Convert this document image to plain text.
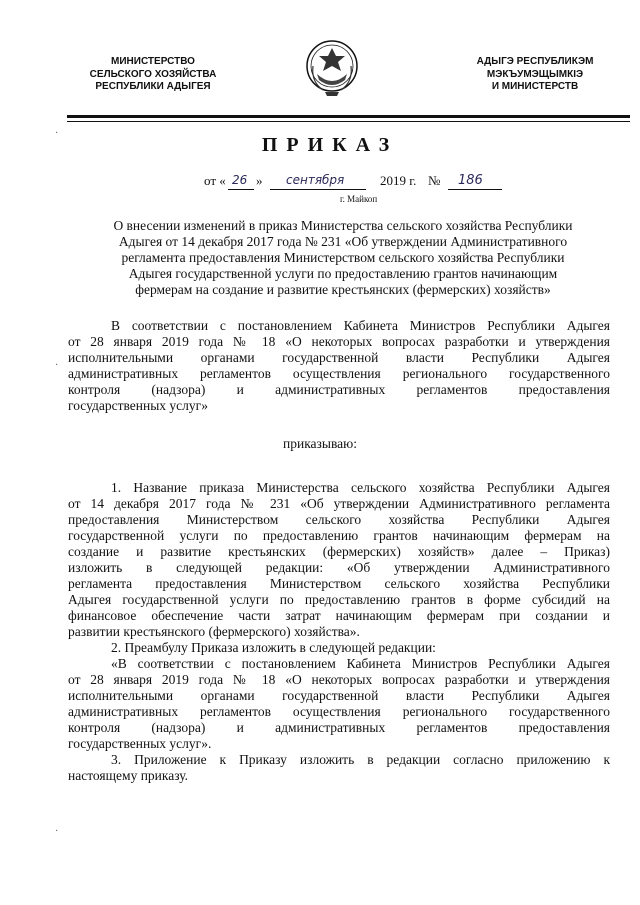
МИНИСТЕРСТВО
СЕЛЬСКОГО ХОЗЯЙСТВА
РЕСПУБЛИКИ АДЫГЕЯ
АДЫГЭ РЕСПУБЛИКЭМ
МЭКЪУМЭЩЫМКIЭ
И МИНИСТЕРСТВ
ПРИКАЗ
от « 26 » сентября	2019 г. № 186
г. Майкоп
О внесении изменений в приказ Министерства сельского хозяйства Республики
Адыгея от 14 декабря 2017 года № 231 «Об утверждении Административного
регламента предоставления Министерством сельского хозяйства Республики
Адыгея государственной услуги по предоставлению грантов начинающим
фермерам на создание и развитие крестьянских (фермерских) хозяйств»
В соответствии с постановлением Кабинета Министров Республики Адыгея
от 28 января 2019 года № 18 «О некоторых вопросах разработки и утверждения
исполнительными органами государственной власти Республики Адыгея
административных регламентов осуществления регионального государственного
контроля (надзора) и административных регламентов предоставления
государственных услуг»
приказываю:
1. Название приказа Министерства сельского хозяйства Республики Адыгея
от 14 декабря 2017 года № 231 «Об утверждении Административного регламента
предоставления Министерством сельского хозяйства Республики Адыгея
государственной услуги по предоставлению грантов начинающим фермерам на
создание и развитие крестьянских (фермерских) хозяйств» далее – Приказ)
изложить в следующей редакции: «Об утверждении Административного
регламента предоставления Министерством сельского хозяйства Республики
Адыгея государственной услуги по предоставлению грантов в форме субсидий на
финансовое обеспечение части затрат начинающим фермерам при создании и
развитии крестьянского (фермерского) хозяйства».
2. Преамбулу Приказа изложить в следующей редакции:
«В соответствии с постановлением Кабинета Министров Республики Адыгея
от 28 января 2019 года № 18 «О некоторых вопросах разработки и утверждения
исполнительными органами государственной власти Республики Адыгея
административных регламентов осуществления регионального государственного
контроля (надзора) и административных регламентов предоставления
государственных услуг».
3. Приложение к Приказу изложить в редакции согласно приложению к
настоящему приказу.
·
·
·
